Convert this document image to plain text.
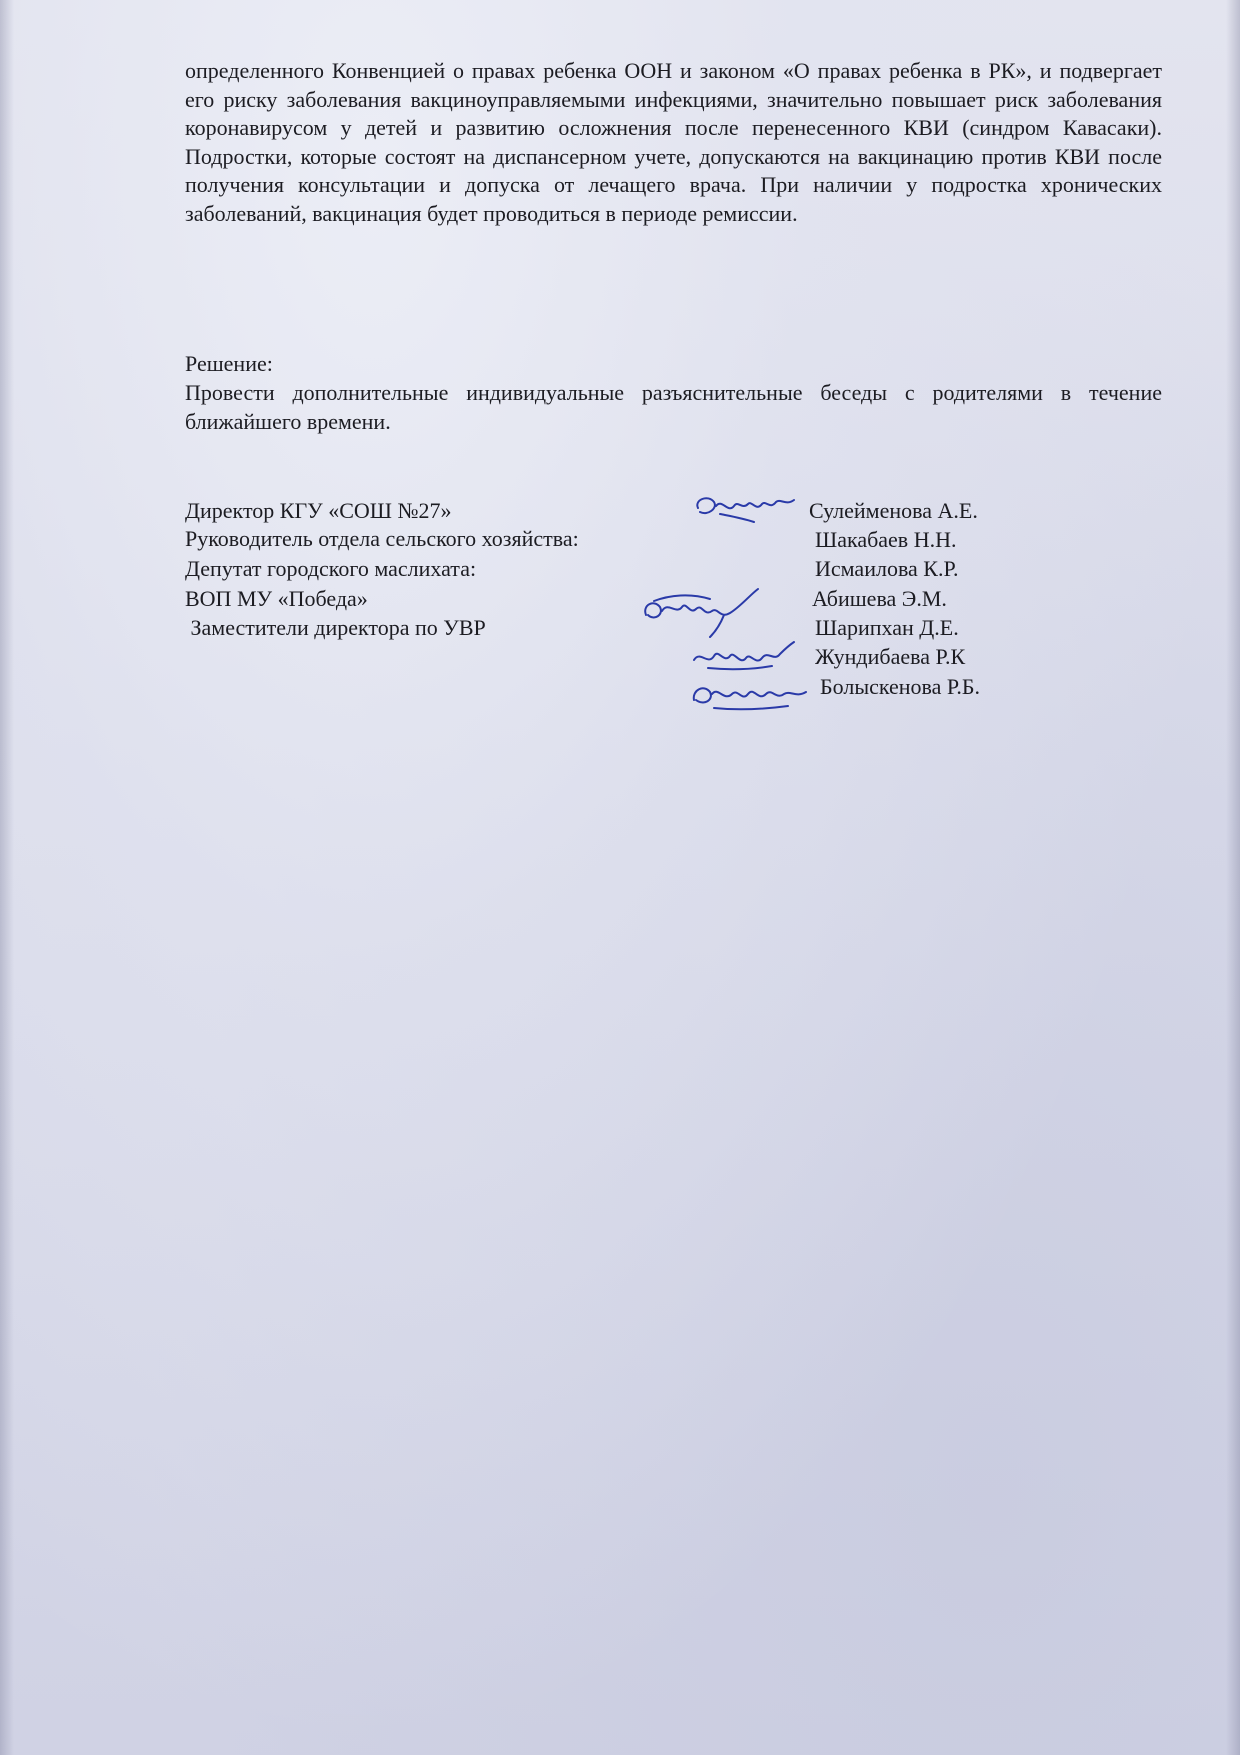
определенного Конвенцией о правах ребенка ООН и законом «О правах ребенка в РК», и подвергает его риску заболевания вакциноуправляемыми инфекциями, значительно повышает риск заболевания коронавирусом у детей и развитию осложнения после перенесенного КВИ (синдром Кавасаки). Подростки, которые состоят на диспансерном учете, допускаются на вакцинацию против КВИ после получения консультации и допуска от лечащего врача. При наличии у подростка хронических заболеваний, вакцинация будет проводиться в периоде ремиссии.

Решение:

Провести дополнительные индивидуальные разъяснительные беседы с родителями в течение ближайшего времени.

Директор КГУ «СОШ №27»
Руководитель отдела сельского хозяйства:
Депутат городского маслихата:
ВОП МУ «Победа»
Заместители директора по УВР
Сулейменова А.Е.
Шакабаев Н.Н.
Исмаилова К.Р.
Абишева Э.М.
Шарипхан Д.Е.
Жундибаева Р.К
Болыскенова Р.Б.
